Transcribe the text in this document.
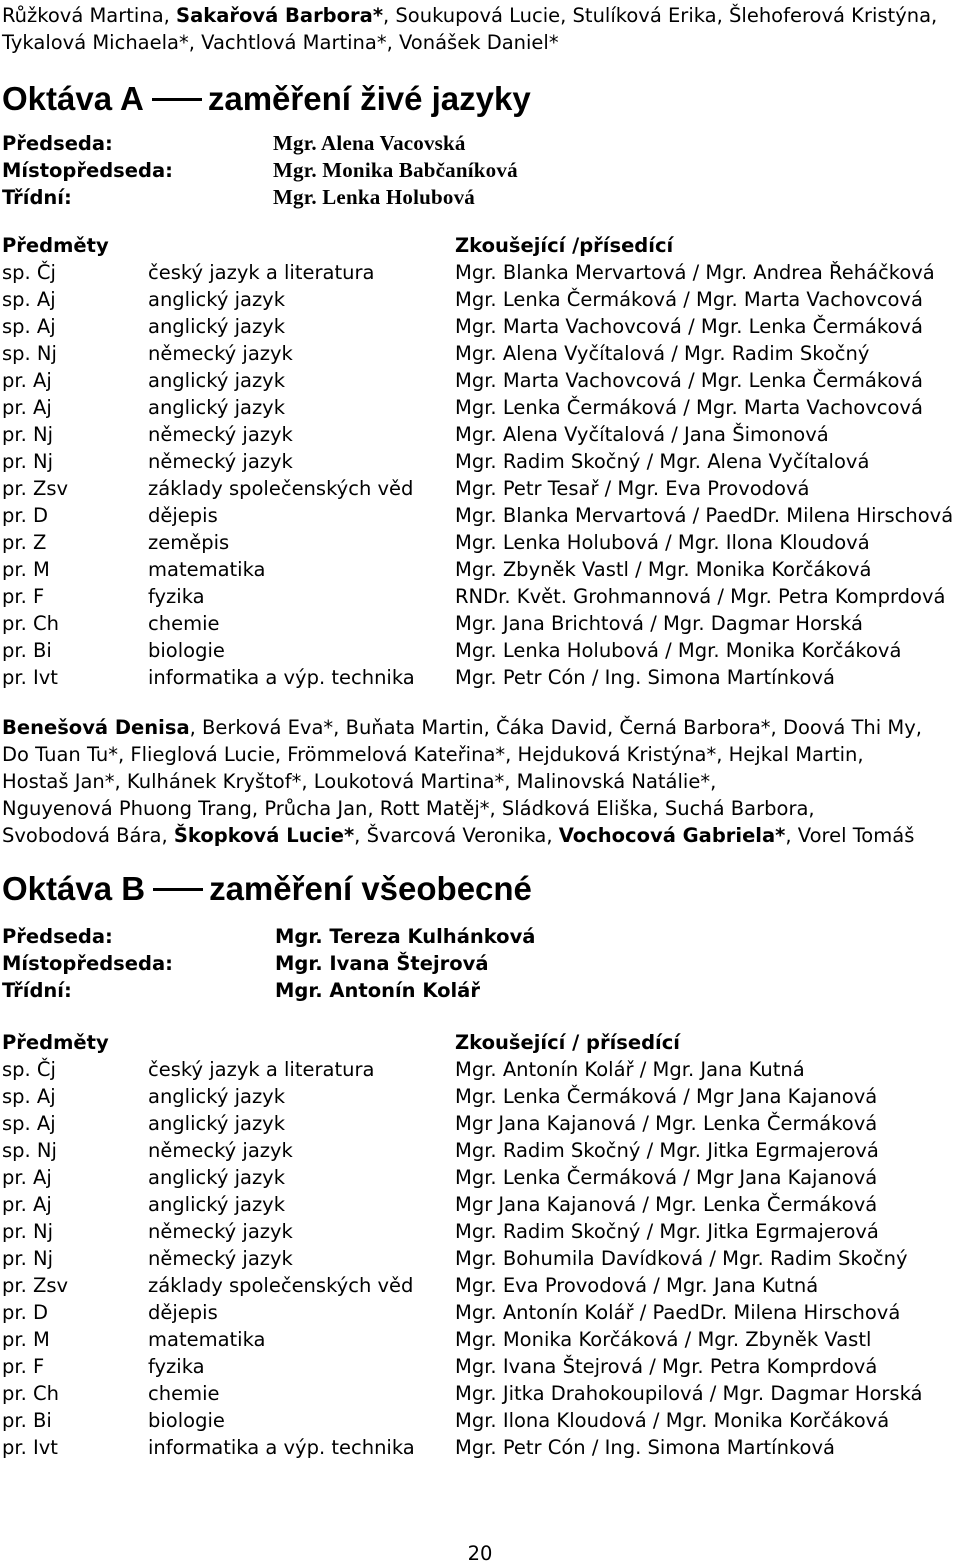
Růžková Martina, Sakařová Barbora*, Soukupová Lucie, Stulíková Erika, Šlehoferová Kristýna,
Tykalová Michaela*, Vachtlová Martina*, Vonášek Daniel*
Oktáva A zaměření živé jazyky
Předseda:	Mgr. Alena Vacovská
Místopředseda:	Mgr. Monika Babčaníková
Třídní:	Mgr. Lenka Holubová
Předměty	Zkoušející /přísedící
sp. Čj	český jazyk a literatura	Mgr. Blanka Mervartová / Mgr. Andrea Řeháčková
sp. Aj	anglický jazyk	Mgr. Lenka Čermáková / Mgr. Marta Vachovcová
sp. Aj	anglický jazyk	Mgr. Marta Vachovcová / Mgr. Lenka Čermáková
sp. Nj	německý jazyk	Mgr. Alena Vyčítalová / Mgr. Radim Skočný
pr. Aj	anglický jazyk	Mgr. Marta Vachovcová / Mgr. Lenka Čermáková
pr. Aj	anglický jazyk	Mgr. Lenka Čermáková / Mgr. Marta Vachovcová
pr. Nj	německý jazyk	Mgr. Alena Vyčítalová / Jana Šimonová
pr. Nj	německý jazyk	Mgr. Radim Skočný / Mgr. Alena Vyčítalová
pr. Zsv	základy společenských věd Mgr. Petr Tesař / Mgr. Eva Provodová
pr. D	dějepis	Mgr. Blanka Mervartová / PaedDr. Milena Hirschová
pr. Z	zeměpis	Mgr. Lenka Holubová / Mgr. Ilona Kloudová
pr. M	matematika	Mgr. Zbyněk Vastl / Mgr. Monika Korčáková
pr. F	fyzika	RNDr. Květ. Grohmannová / Mgr. Petra Komprdová
pr. Ch	chemie	Mgr. Jana Brichtová / Mgr. Dagmar Horská
pr. Bi	biologie	Mgr. Lenka Holubová / Mgr. Monika Korčáková
pr. Ivt	informatika a výp. technika Mgr. Petr Cón / Ing. Simona Martínková
Benešová Denisa, Berková Eva*, Buňata Martin, Čáka David, Černá Barbora*, Doová Thi My,
Do Tuan Tu*, Flieglová Lucie, Frömmelová Kateřina*, Hejduková Kristýna*, Hejkal Martin,
Hostaš Jan*, Kulhánek Kryštof*, Loukotová Martina*, Malinovská Natálie*,
Nguyenová Phuong Trang, Průcha Jan, Rott Matěj*, Sládková Eliška, Suchá Barbora,
Svobodová Bára, Škopková Lucie*, Švarcová Veronika, Vochocová Gabriela*, Vorel Tomáš
Oktáva B zaměření všeobecné
Předseda:	Mgr. Tereza Kulhánková
Místopředseda:	Mgr. Ivana Štejrová
Třídní:	Mgr. Antonín Kolář
Předměty	Zkoušející / přísedící
sp. Čj	český jazyk a literatura	Mgr. Antonín Kolář / Mgr. Jana Kutná
sp. Aj	anglický jazyk	Mgr. Lenka Čermáková / Mgr Jana Kajanová
sp. Aj	anglický jazyk	Mgr Jana Kajanová / Mgr. Lenka Čermáková
sp. Nj	německý jazyk	Mgr. Radim Skočný / Mgr. Jitka Egrmajerová
pr. Aj	anglický jazyk	Mgr. Lenka Čermáková / Mgr Jana Kajanová
pr. Aj	anglický jazyk	Mgr Jana Kajanová / Mgr. Lenka Čermáková
pr. Nj	německý jazyk	Mgr. Radim Skočný / Mgr. Jitka Egrmajerová
pr. Nj	německý jazyk	Mgr. Bohumila Davídková / Mgr. Radim Skočný
pr. Zsv	základy společenských věd Mgr. Eva Provodová / Mgr. Jana Kutná
pr. D	dějepis	Mgr. Antonín Kolář / PaedDr. Milena Hirschová
pr. M	matematika	Mgr. Monika Korčáková / Mgr. Zbyněk Vastl
pr. F	fyzika	Mgr. Ivana Štejrová / Mgr. Petra Komprdová
pr. Ch	chemie	Mgr. Jitka Drahokoupilová / Mgr. Dagmar Horská
pr. Bi	biologie	Mgr. Ilona Kloudová / Mgr. Monika Korčáková
pr. Ivt	informatika a výp. technika Mgr. Petr Cón / Ing. Simona Martínková
20
